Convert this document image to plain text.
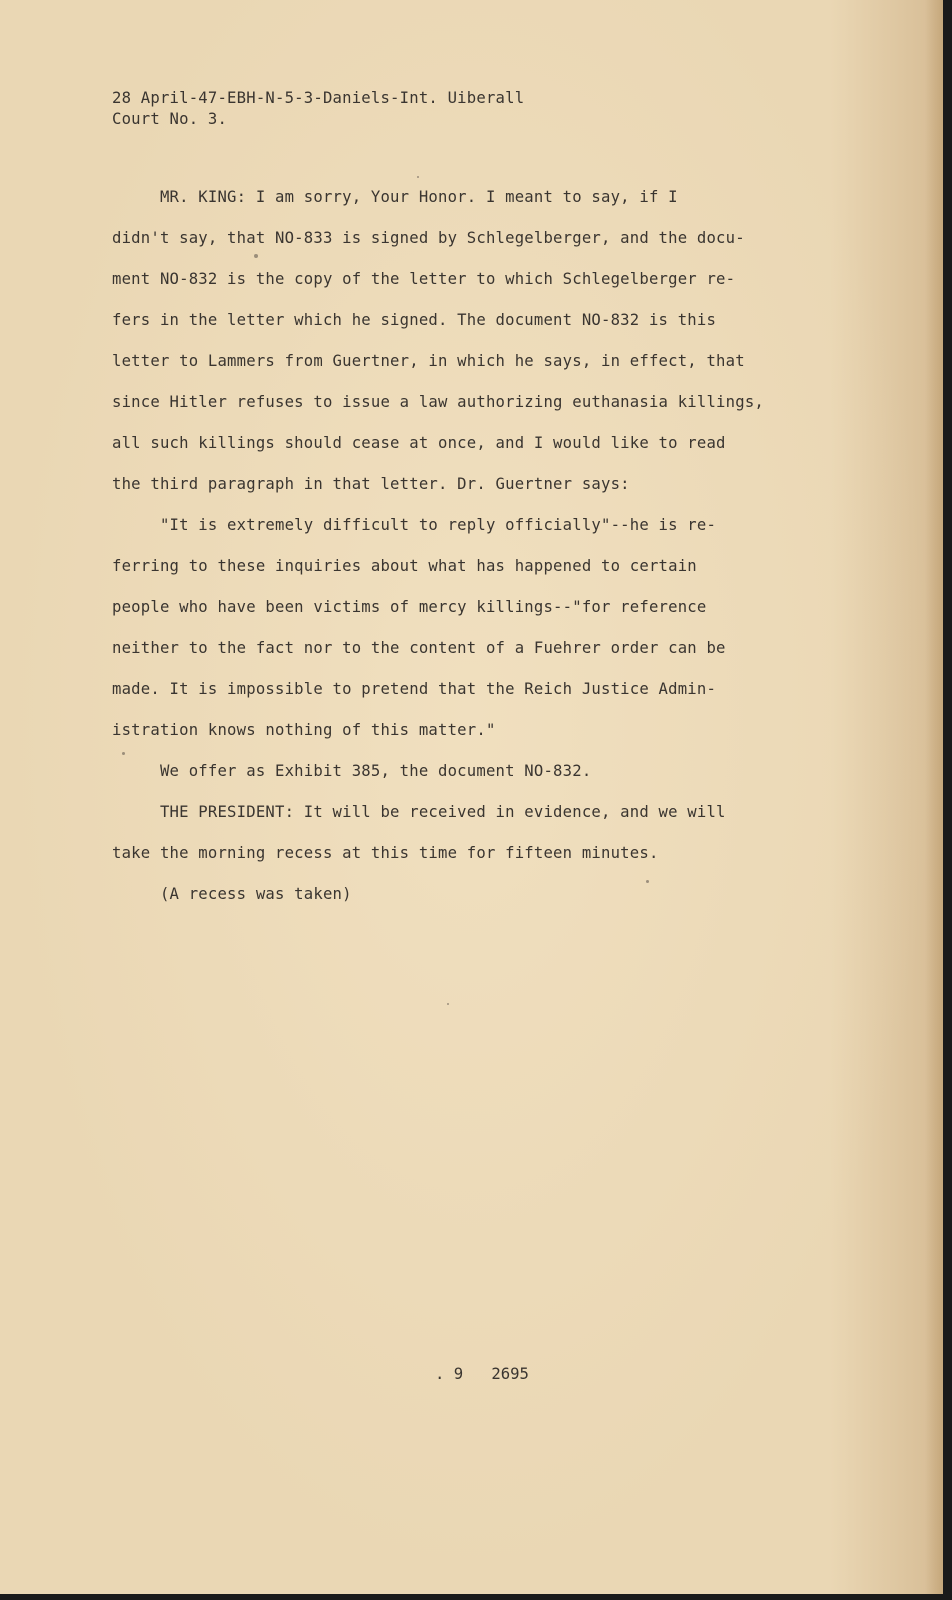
28 April-47-EBH-N-5-3-Daniels-Int. Uiberall
Court No. 3.
MR. KING: I am sorry, Your Honor. I meant to say, if I
didn't say, that NO-833 is signed by Schlegelberger, and the docu-
ment NO-832 is the copy of the letter to which Schlegelberger re-
fers in the letter which he signed. The document NO-832 is this
letter to Lammers from Guertner, in which he says, in effect, that
since Hitler refuses to issue a law authorizing euthanasia killings,
all such killings should cease at once, and I would like to read
the third paragraph in that letter. Dr. Guertner says:
"It is extremely difficult to reply officially"--he is re-
ferring to these inquiries about what has happened to certain
people who have been victims of mercy killings--"for reference
neither to the fact nor to the content of a Fuehrer order can be
made. It is impossible to pretend that the Reich Justice Admin-
istration knows nothing of this matter."
We offer as Exhibit 385, the document NO-832.
THE PRESIDENT: It will be received in evidence, and we will
take the morning recess at this time for fifteen minutes.
(A recess was taken)
. 9   2695
